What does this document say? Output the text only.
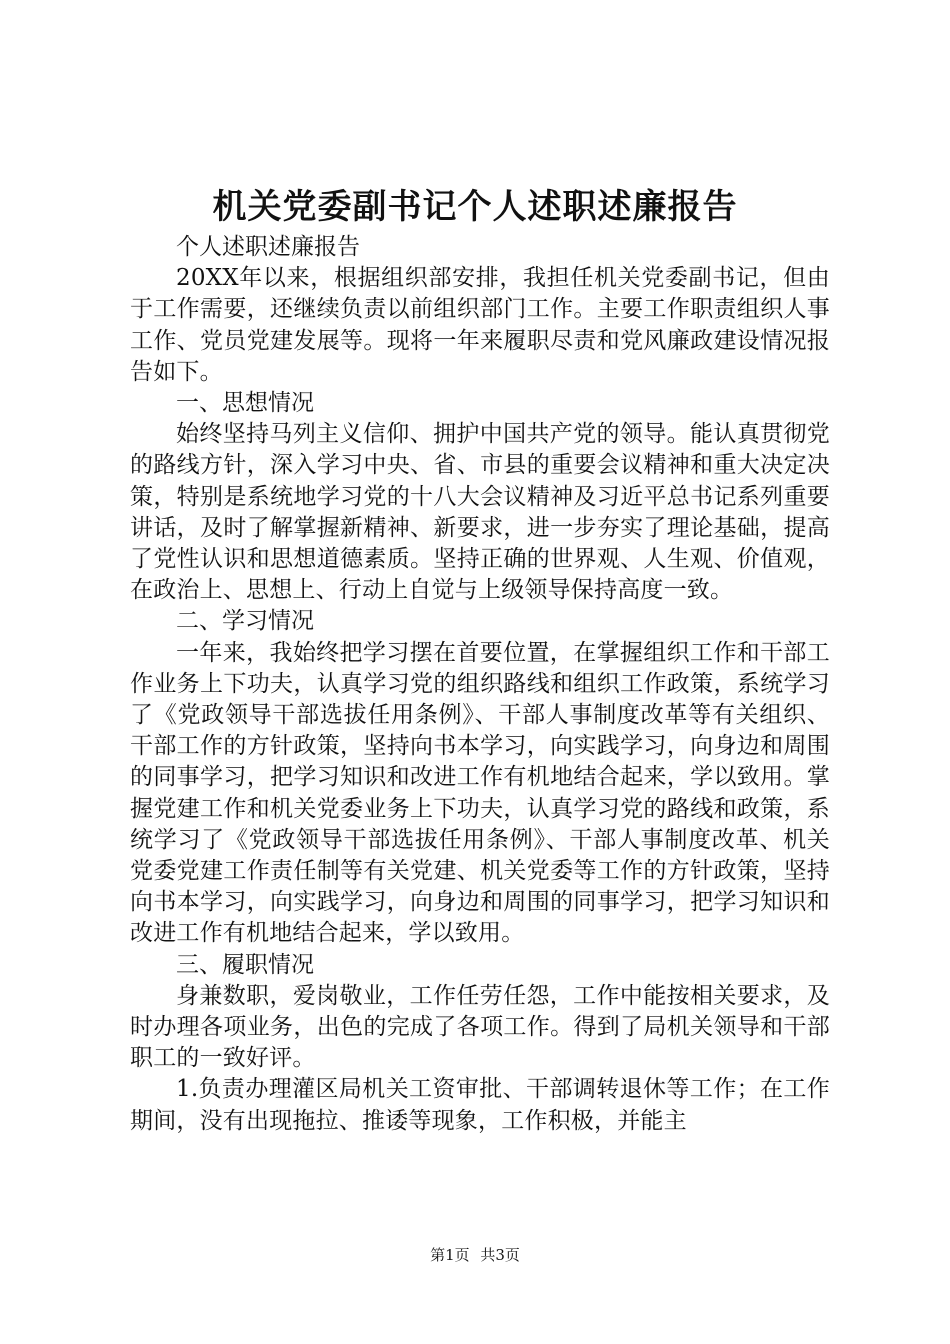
机关党委副书记个人述职述廉报告

个人述职述廉报告

20XX年以来，根据组织部安排，我担任机关党委副书记，但由于工作需要，还继续负责以前组织部门工作。主要工作职责组织人事工作、党员党建发展等。现将一年来履职尽责和党风廉政建设情况报告如下。

一、思想情况

始终坚持马列主义信仰、拥护中国共产党的领导。能认真贯彻党的路线方针，深入学习中央、省、市县的重要会议精神和重大决定决策，特别是系统地学习党的十八大会议精神及习近平总书记系列重要讲话，及时了解掌握新精神、新要求，进一步夯实了理论基础，提高了党性认识和思想道德素质。坚持正确的世界观、人生观、价值观，在政治上、思想上、行动上自觉与上级领导保持高度一致。

二、学习情况

一年来，我始终把学习摆在首要位置，在掌握组织工作和干部工作业务上下功夫，认真学习党的组织路线和组织工作政策，系统学习了《党政领导干部选拔任用条例》、干部人事制度改革等有关组织、干部工作的方针政策，坚持向书本学习，向实践学习，向身边和周围的同事学习，把学习知识和改进工作有机地结合起来，学以致用。掌握党建工作和机关党委业务上下功夫，认真学习党的路线和政策，系统学习了《党政领导干部选拔任用条例》、干部人事制度改革、机关党委党建工作责任制等有关党建、机关党委等工作的方针政策，坚持向书本学习，向实践学习，向身边和周围的同事学习，把学习知识和改进工作有机地结合起来，学以致用。

三、履职情况

身兼数职，爱岗敬业，工作任劳任怨，工作中能按相关要求，及时办理各项业务，出色的完成了各项工作。得到了局机关领导和干部职工的一致好评。

1.负责办理灌区局机关工资审批、干部调转退休等工作；在工作期间，没有出现拖拉、推诿等现象，工作积极，并能主

第1页 共3页
